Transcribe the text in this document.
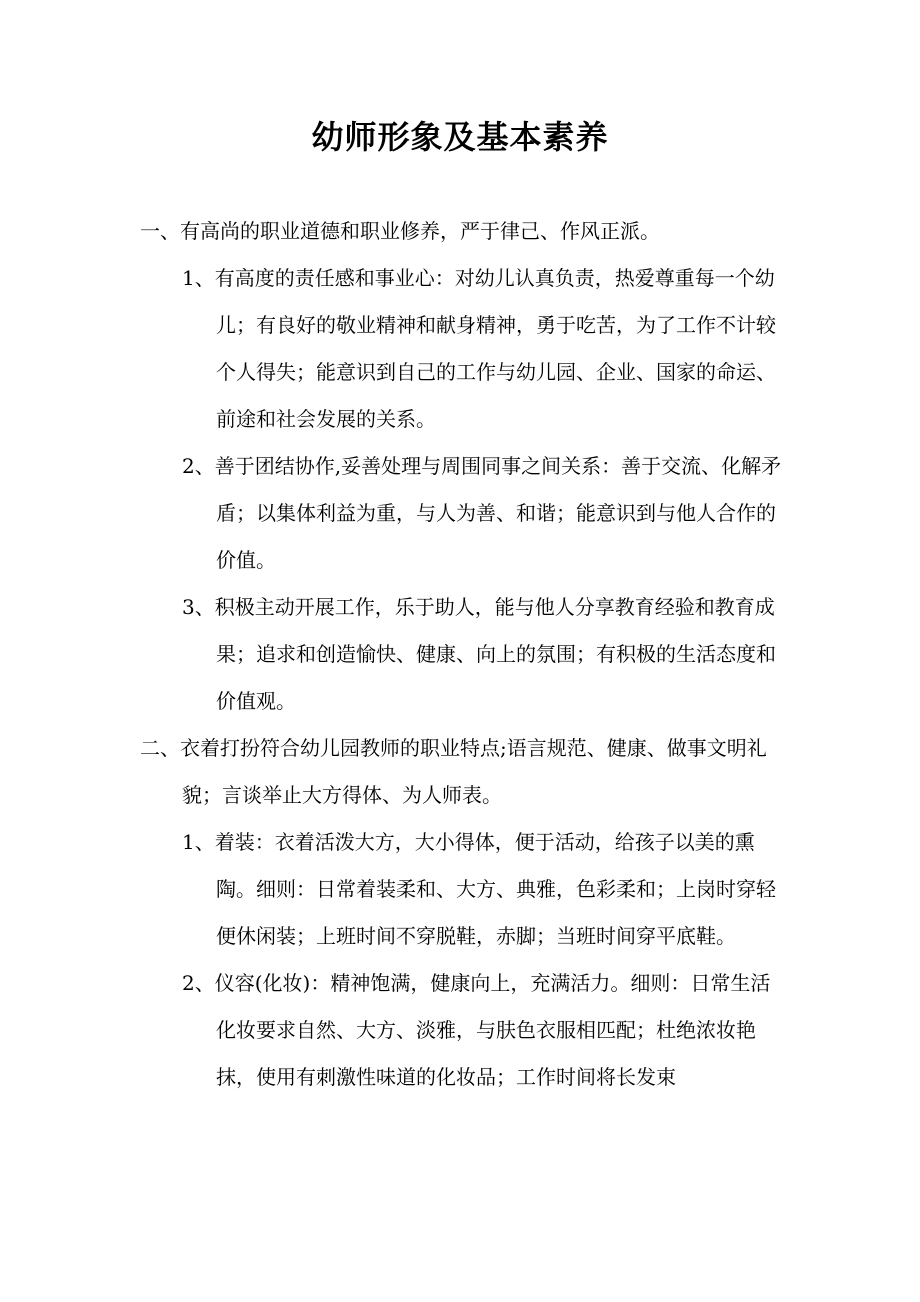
幼师形象及基本素养

一、有高尚的职业道德和职业修养，严于律己、作风正派。

1、有高度的责任感和事业心：对幼儿认真负责，热爱尊重每一个幼儿；有良好的敬业精神和献身精神，勇于吃苦，为了工作不计较个人得失；能意识到自己的工作与幼儿园、企业、国家的命运、前途和社会发展的关系。

2、善于团结协作,妥善处理与周围同事之间关系：善于交流、化解矛盾；以集体利益为重，与人为善、和谐；能意识到与他人合作的价值。

3、积极主动开展工作，乐于助人，能与他人分享教育经验和教育成果；追求和创造愉快、健康、向上的氛围；有积极的生活态度和价值观。

二、衣着打扮符合幼儿园教师的职业特点;语言规范、健康、做事文明礼貌；言谈举止大方得体、为人师表。

1、着装：衣着活泼大方，大小得体，便于活动，给孩子以美的熏陶。细则：日常着装柔和、大方、典雅，色彩柔和；上岗时穿轻便休闲装；上班时间不穿脱鞋，赤脚；当班时间穿平底鞋。

2、仪容(化妆)：精神饱满，健康向上，充满活力。细则：日常生活化妆要求自然、大方、淡雅，与肤色衣服相匹配；杜绝浓妆艳抹，使用有刺激性味道的化妆品；工作时间将长发束
